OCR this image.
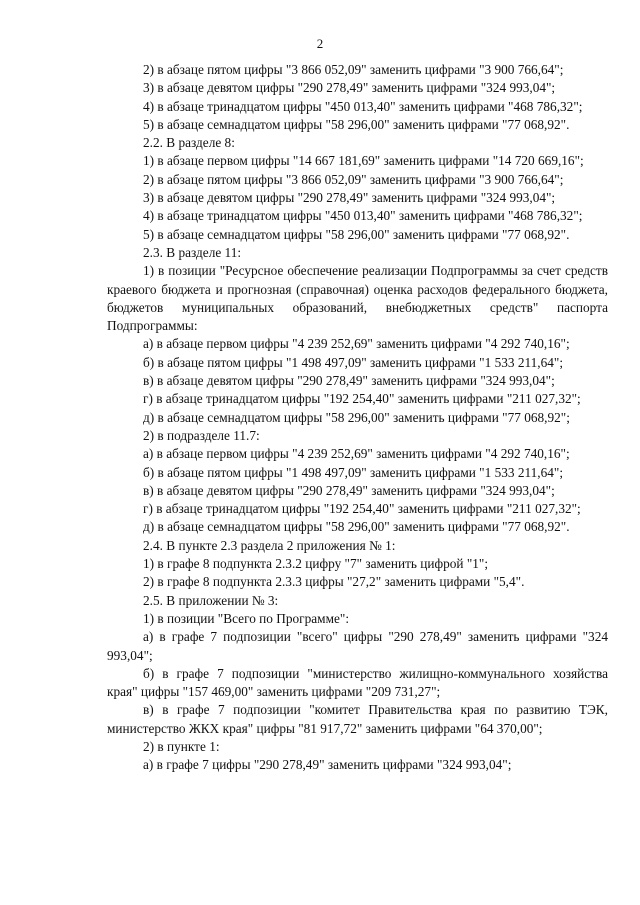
2

2) в абзаце пятом цифры "3 866 052,09" заменить цифрами "3 900 766,64";

3) в абзаце девятом цифры "290 278,49" заменить цифрами "324 993,04";

4) в абзаце тринадцатом цифры "450 013,40" заменить цифрами "468 786,32";

5) в абзаце семнадцатом цифры "58 296,00" заменить цифрами "77 068,92".

2.2. В разделе 8:

1) в абзаце первом цифры "14 667 181,69" заменить цифрами "14 720 669,16";

2) в абзаце пятом цифры "3 866 052,09" заменить цифрами "3 900 766,64";

3) в абзаце девятом цифры "290 278,49" заменить цифрами "324 993,04";

4) в абзаце тринадцатом цифры "450 013,40" заменить цифрами "468 786,32";

5) в абзаце семнадцатом цифры "58 296,00" заменить цифрами "77 068,92".

2.3. В разделе 11:

1) в позиции "Ресурсное обеспечение реализации Подпрограммы за счет средств краевого бюджета и прогнозная (справочная) оценка расходов федерального бюджета, бюджетов муниципальных образований, внебюджетных средств" паспорта Подпрограммы:

а) в абзаце первом цифры "4 239 252,69" заменить цифрами "4 292 740,16";

б) в абзаце пятом цифры "1 498 497,09" заменить цифрами "1 533 211,64";

в) в абзаце девятом цифры "290 278,49" заменить цифрами "324 993,04";

г) в абзаце тринадцатом цифры "192 254,40" заменить цифрами "211 027,32";

д) в абзаце семнадцатом цифры "58 296,00" заменить цифрами "77 068,92";

2) в подразделе 11.7:

а) в абзаце первом цифры "4 239 252,69" заменить цифрами "4 292 740,16";

б) в абзаце пятом цифры "1 498 497,09" заменить цифрами "1 533 211,64";

в) в абзаце девятом цифры "290 278,49" заменить цифрами "324 993,04";

г) в абзаце тринадцатом цифры "192 254,40" заменить цифрами "211 027,32";

д) в абзаце семнадцатом цифры "58 296,00" заменить цифрами "77 068,92".

2.4. В пункте 2.3 раздела 2 приложения № 1:

1) в графе 8 подпункта 2.3.2 цифру "7" заменить цифрой "1";

2) в графе 8 подпункта 2.3.3 цифры "27,2" заменить цифрами "5,4".

2.5. В приложении № 3:

1) в позиции "Всего по Программе":

а) в графе 7 подпозиции "всего" цифры "290 278,49" заменить цифрами "324 993,04";

б) в графе 7 подпозиции "министерство жилищно-коммунального хозяйства края" цифры "157 469,00" заменить цифрами "209 731,27";

в) в графе 7 подпозиции "комитет Правительства края по развитию ТЭК, министерство ЖКХ края" цифры "81 917,72" заменить цифрами "64 370,00";

2) в пункте 1:

а) в графе 7 цифры "290 278,49" заменить цифрами "324 993,04";
